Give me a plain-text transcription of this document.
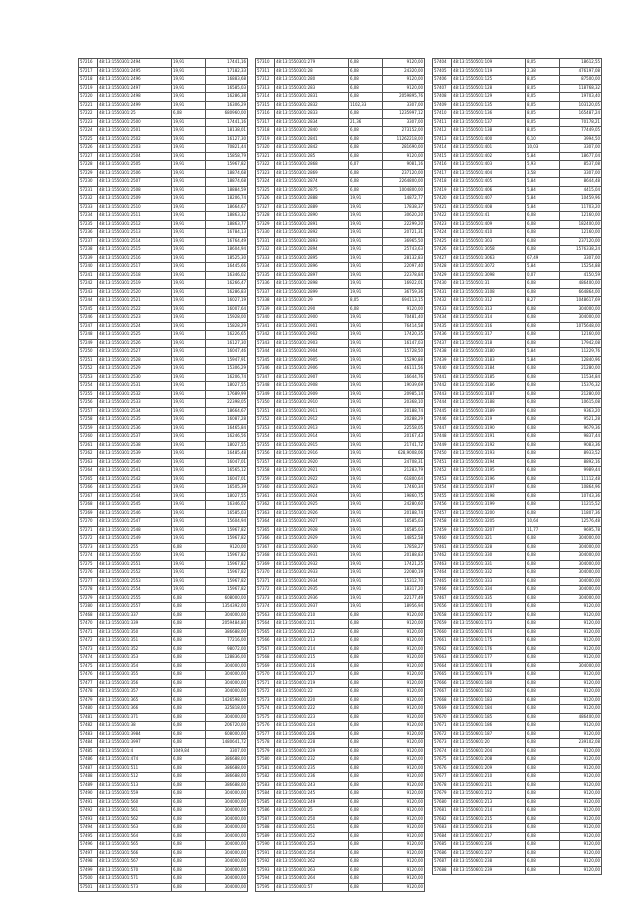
57216	48:13:1550301:2494	19,91	17441,16
57217	48:13:1550301:2495	19,91	17182,33
57218	48:13:1550301:2496	19,91	16883,68
57219	48:13:1550301:2497	19,91	16585,03
57220	48:13:1550301:2498	19,91	16286,38
57221	48:13:1550301:2499	19,91	16306,29
57222	48:13:1550301:25	6,08	680960,00
57223	48:13:1550301:2500	19,91	17441,16
57224	48:13:1550301:2501	19,91	18138,01
57225	48:13:1550301:2502	19,91	16127,30
57226	48:13:1550301:2503	19,91	70821,44
57227	48:13:1550301:2504	19,91	15858,79
57228	48:13:1550301:2505	19,91	15967,82
57229	48:13:1550301:2506	19,91	18874,68
57230	48:13:1550301:2507	19,91	18874,68
57231	48:13:1550301:2508	19,91	18884,59
57232	48:13:1550301:2509	19,91	18206,74
57233	48:13:1550301:2510	19,91	18664,67
57234	48:13:1550301:2511	19,91	18863,32
57235	48:13:1550301:2512	19,91	18863,77
57236	48:13:1550301:2513	19,91	16784,13
57237	48:13:1550301:2514	19,91	16764,49
57238	48:13:1550301:2515	19,91	18604,94
57239	48:13:1550301:2516	19,91	18525,30
57240	48:13:1550301:2517	19,91	16445,66
57241	48:13:1550301:2518	19,91	16346,02
57242	48:13:1550301:2519	19,91	16266,47
57243	48:13:1550301:2520	19,91	16286,83
57244	48:13:1550301:2521	19,91	16027,19
57245	48:13:1550301:2522	19,91	16007,64
57246	48:13:1550301:2523	19,91	15928,00
57247	48:13:1550301:2524	19,91	15828,29
57248	48:13:1550301:2525	19,91	16226,65
57249	48:13:1550301:2526	19,91	16127,30
57250	48:13:1550301:2527	19,91	16047,46
57251	48:13:1550301:2528	19,91	15947,91
57252	48:13:1550301:2529	19,91	15306,29
57253	48:13:1550301:2530	19,91	16206,74
57254	48:13:1550301:2531	19,91	18027,55
57255	48:13:1550301:2532	19,91	17689,99
57256	48:13:1550301:2533	19,91	22398,05
57257	48:13:1550301:2534	19,91	18664,67
57258	48:13:1550301:2535	19,91	16087,28
57259	48:13:1550301:2536	19,91	16465,84
57260	48:13:1550301:2537	19,91	16246,56
57261	48:13:1550301:2538	19,91	18027,55
57262	48:13:1550301:2539	19,91	16485,48
57263	48:13:1550301:2540	19,91	16047,01
57264	48:13:1550301:2541	19,91	16565,12
57265	48:13:1550301:2542	19,91	16047,01
57266	48:13:1550301:2543	19,91	16505,39
57267	48:13:1550301:2544	19,91	18027,55
57268	48:13:1550301:2545	19,91	16346,02
57269	48:13:1550301:2546	19,91	16585,03
57270	48:13:1550301:2547	19,91	15604,94
57271	48:13:1550301:2548	19,91	15967,82
57272	48:13:1550301:2549	19,91	15967,82
57273	48:13:1550301:255	6,08	9120,00
57274	48:13:1550301:2550	19,91	15967,82
57275	48:13:1550301:2551	19,91	15967,82
57276	48:13:1550301:2552	19,91	15967,82
57277	48:13:1550301:2553	19,91	15967,82
57278	48:13:1550301:2554	19,91	15967,82
57279	48:13:1550301:2555	6,08	608000,00
57280	48:13:1550301:2557	6,08	1354392,00
57468	48:13:1550301:337	6,08	304000,00
57470	48:13:1550301:339	6,08	2059484,80
57471	48:13:1550301:350	6,08	386688,00
57472	48:13:1550301:351	6,08	77216,00
57473	48:13:1550301:352	6,08	98072,00
57474	48:13:1550301:353	6,08	128836,00
57475	48:13:1550301:354	6,08	304000,00
57476	48:13:1550301:355	6,08	304000,00
57477	48:13:1550301:356	6,08	304000,00
57478	48:13:1550301:357	6,08	304000,00
57479	48:13:1550301:365	6,08	1426598,00
57480	48:13:1550301:366	6,08	325818,00
57481	48:13:1550301:371	6,08	304000,00
57482	48:13:1550301:38	6,08	206720,00
57483	48:13:1550301:3984	6,08	608000,00
57484	48:13:1550301:3997	6,08	1480641,72
57485	48:13:1550301:4	1049,84	3307,00
57486	48:13:1550301:474	6,08	386688,00
57487	48:13:1550301:511	6,08	386688,00
57488	48:13:1550301:512	6,08	386688,00
57489	48:13:1550301:513	6,08	386688,00
57490	48:13:1550301:559	6,08	304000,00
57491	48:13:1550301:560	6,08	304000,00
57492	48:13:1550301:561	6,08	304000,00
57493	48:13:1550301:562	6,08	304000,00
57494	48:13:1550301:563	6,08	304000,00
57495	48:13:1550301:564	6,08	304000,00
57496	48:13:1550301:565	6,08	304000,00
57497	48:13:1550301:566	6,08	304000,00
57498	48:13:1550301:567	6,08	304000,00
57499	48:13:1550301:570	6,08	304000,00
57500	48:13:1550301:571	6,08	304000,00
57501	48:13:1550301:573	6,08	304000,00
57310	48:13:1550301:279	6,08	9120,00
57311	48:13:1550301:28	6,08	24320,00
57312	48:13:1550301:280	6,08	9120,00
57313	48:13:1550301:283	6,08	9120,00
57314	48:13:1550301:2831	6,08	2059895,76
57315	48:13:1550301:2832	1102,33	3307,00
57316	48:13:1550301:2833	6,08	1235997,12
57317	48:13:1550301:2834	21,36	3307,00
57318	48:13:1550301:2840	6,08	273152,00
57319	48:13:1550301:2841	6,08	11262218,00
57320	48:13:1550301:2842	6,08	281690,00
57321	48:13:1550301:285	6,08	9120,00
57322	48:13:1550301:2868	6,07	9081,16
57323	48:13:1550301:2869	6,08	237120,00
57324	48:13:1550301:2874	6,08	2264800,00
57325	48:13:1550301:2875	6,08	1004800,00
57326	48:13:1550301:2888	19,91	14872,77
57327	48:13:1550301:2889	19,91	17838,37
57328	48:13:1550301:2890	19,91	30620,20
57329	48:13:1550301:2891	19,91	22299,20
57330	48:13:1550301:2892	19,91	20721,31
57331	48:13:1550301:2893	19,91	36965,50
57332	48:13:1550301:2894	19,91	25743,63
57333	48:13:1550301:2895	19,91	28132,83
57334	48:13:1550301:2896	19,91	22097,40
57335	48:13:1550301:2897	19,91	22378,84
57336	48:13:1550301:2898	19,91	16922,01
57337	48:13:1550301:2899	19,91	36759,36
57338	48:13:1550301:29	8,05	694113,15
57339	48:13:1550301:290	6,08	9120,00
57340	48:13:1550301:2900	19,91	70481,40
57341	48:13:1550301:2901	19,91	76414,58
57342	48:13:1550301:2902	19,91	17420,35
57343	48:13:1550301:2903	19,91	16147,03
57344	48:13:1550301:2904	19,91	15728,50
57345	48:13:1550301:2905	19,91	15290,88
57346	48:13:1550301:2906	19,91	46111,56
57347	48:13:1550301:2907	19,91	16644,76
57348	48:13:1550301:2908	19,91	19039,69
57349	48:13:1550301:2909	19,91	20985,14
57350	48:13:1550301:2910	19,91	20368,10
57351	48:13:1550301:2911	19,91	20188,74
57352	48:13:1550301:2912	19,91	20288,29
57353	48:13:1550301:2913	19,91	22558,05
57354	48:13:1550301:2914	19,91	20167,43
57355	48:13:1550301:2915	19,91	21741,72
57356	48:13:1550301:2916	19,91	628,9008,06
57357	48:13:1550301:2920	19,91	24708,31
57358	48:13:1550301:2921	19,91	21283,79
57359	48:13:1550301:2922	19,91	61800,64
57360	48:13:1550301:2923	19,91	17460,34
57361	48:13:1550301:2924	19,91	19860,75
57362	48:13:1550301:2925	19,91	24280,60
57363	48:13:1550301:2926	19,91	20188,74
57364	48:13:1550301:2927	19,91	16585,03
57365	48:13:1550301:2928	19,91	16585,03
57366	48:13:1550301:2929	19,91	14852,58
57367	48:13:1550301:2930	19,91	17858,27
57368	48:13:1550301:2931	19,91	20188,83
57369	48:13:1550301:2932	19,91	17421,25
57370	48:13:1550301:2933	19,91	22080,19
57371	48:13:1550301:2934	19,91	15312,70
57372	48:13:1550301:2935	19,91	18317,20
57373	48:13:1550301:2936	19,91	22177,49
57374	48:13:1550301:2937	19,91	18956,94
57563	48:13:1550401:210	6,08	9120,00
57564	48:13:1550401:211	6,08	9120,00
57565	48:13:1550401:212	6,08	9120,00
57566	48:13:1550401:213	6,08	9120,00
57567	48:13:1550401:214	6,08	9120,00
57568	48:13:1550401:215	6,08	9120,00
57569	48:13:1550401:216	6,08	9120,00
57570	48:13:1550401:217	6,08	9120,00
57571	48:13:1550401:219	6,08	9120,00
57572	48:13:1550401:22	6,08	9120,00
57573	48:13:1550401:220	6,08	9120,00
57574	48:13:1550401:222	6,08	9120,00
57575	48:13:1550401:223	6,08	9120,00
57576	48:13:1550401:224	6,08	9120,00
57577	48:13:1550401:226	6,08	9120,00
57578	48:13:1550401:228	6,08	9120,00
57579	48:13:1550401:229	6,08	9120,00
57580	48:13:1550401:232	6,08	9120,00
57581	48:13:1550401:235	6,08	9120,00
57582	48:13:1550401:236	6,08	9120,00
57583	48:13:1550401:243	6,08	9120,00
57584	48:13:1550401:245	6,08	9120,00
57585	48:13:1550401:249	6,08	9120,00
57586	48:13:1550401:25	6,08	9120,00
57587	48:13:1550401:250	6,08	9120,00
57588	48:13:1550401:251	6,08	9120,00
57589	48:13:1550401:252	6,08	9120,00
57590	48:13:1550401:253	6,08	9120,00
57591	48:13:1550401:254	6,08	9120,00
57592	48:13:1550401:262	6,08	9120,00
57593	48:13:1550401:263	6,08	9120,00
57594	48:13:1550401:264	6,08	9120,00
57595	48:13:1550401:57	6,08	9120,00
57404	48:13:1550501:109	8,05	18612,55
57405	48:13:1550501:119	2,38	476197,08
57406	48:13:1550501:125	8,05	87500,00
57407	48:13:1550501:128	8,05	118768,32
57408	48:13:1550501:129	8,05	19703,40
57409	48:13:1550501:135	8,05	103120,05
57410	48:13:1550501:136	8,05	165487,24
57411	48:13:1550501:137	8,05	70178,21
57412	48:13:1550501:138	8,05	77449,05
57413	48:13:1550501:400	6,10	3994,50
57414	48:13:1550501:401	10,03	3307,00
57415	48:13:1550501:402	5,84	18677,04
57416	48:13:1550501:403	5,93	8537,08
57417	48:13:1550501:404	3,58	3307,00
57418	48:13:1550501:405	5,84	8644,48
57419	48:13:1550501:406	5,84	4415,04
57420	48:13:1550501:407	5,84	10459,96
57421	48:13:1550501:408	5,84	11703,20
57422	48:13:1550501:41	6,08	12160,00
57423	48:13:1550501:409	6,08	182400,00
57424	48:13:1550501:410	6,08	12160,00
57425	48:13:1550501:303	6,08	237120,00
57426	48:13:1550501:3058	6,08	1576338,24
57427	48:13:1550501:3063	67,49	3307,00
57428	48:13:1550501:3072	5,84	15254,88
57429	48:13:1550501:3098	0,07	4150,59
57430	48:13:1550501:31	6,08	486400,00
57431	48:13:1550501:3108	6,08	664864,00
57432	48:13:1550501:312	8,27	1048617,69
57433	48:13:1550501:313	6,08	304000,00
57434	48:13:1550501:314	6,08	304000,00
57435	48:13:1550501:316	6,08	1075648,00
57436	48:13:1550501:317	6,08	12160,00
57437	48:13:1550501:318	6,08	17942,08
57438	48:13:1550501:3180	5,84	11229,76
57439	48:13:1550501:3183	5,84	12840,96
57440	48:13:1550501:3184	6,08	21280,00
57441	48:13:1550501:3185	6,08	11534,84
57442	48:13:1550501:3186	6,08	15376,32
57443	48:13:1550501:3187	6,08	21280,00
57444	48:13:1550501:3188	6,08	10615,08
57445	48:13:1550501:3189	6,08	9363,20
57446	48:13:1550501:319	6,08	9521,28
57447	48:13:1550501:3190	6,08	9679,36
57448	48:13:1550501:3191	6,08	9837,44
57449	48:13:1550501:3192	6,08	9083,36
57450	48:13:1550501:3193	6,08	8933,52
57451	48:13:1550501:3194	6,08	8892,16
57452	48:13:1550501:3195	6,08	9989,44
57453	48:13:1550501:3196	6,08	11112,48
57454	48:13:1550501:3197	6,08	10864,96
57455	48:13:1550501:3198	6,08	10743,36
57456	48:13:1550501:3199	6,08	11215,52
57457	48:13:1550501:3200	6,08	11807,36
57458	48:13:1550501:3205	10,64	12576,48
57459	48:13:1550501:3207	11,77	9695,78
57460	48:13:1550501:321	6,08	304000,00
57461	48:13:1550501:328	6,08	304000,00
57462	48:13:1550501:330	6,08	304000,00
57463	48:13:1550501:331	6,08	304000,00
57464	48:13:1550501:332	6,08	304000,00
57465	48:13:1550501:333	6,08	304000,00
57466	48:13:1550501:334	6,08	304000,00
57467	48:13:1550501:335	6,08	304000,00
57656	48:13:1550601:170	6,08	9120,00
57658	48:13:1550601:172	6,08	9120,00
57659	48:13:1550601:173	6,08	9120,00
57660	48:13:1550601:174	6,08	9120,00
57661	48:13:1550601:175	6,08	9120,00
57662	48:13:1550601:176	6,08	9120,00
57663	48:13:1550601:177	6,08	9120,00
57664	48:13:1550601:178	6,08	304000,00
57665	48:13:1550601:179	6,08	9120,00
57666	48:13:1550601:180	6,08	9120,00
57667	48:13:1550601:182	6,08	9120,00
57668	48:13:1550601:183	6,08	9120,00
57669	48:13:1550601:184	6,08	9120,00
57670	48:13:1550601:185	6,08	486400,00
57671	48:13:1550601:186	6,08	9120,00
57672	48:13:1550601:187	6,08	9120,00
57673	48:13:1550601:20	6,08	239102,08
57674	48:13:1550601:204	6,08	9120,00
57675	48:13:1550601:208	6,08	9120,00
57676	48:13:1550601:209	6,08	9120,00
57677	48:13:1550601:210	6,08	9120,00
57678	48:13:1550601:211	6,08	9120,00
57679	48:13:1550601:212	6,08	9120,00
57680	48:13:1550601:213	6,08	9120,00
57681	48:13:1550601:214	6,08	9120,00
57682	48:13:1550601:215	6,08	9120,00
57683	48:13:1550601:216	6,08	9120,00
57684	48:13:1550601:217	6,08	9120,00
57685	48:13:1550601:236	6,08	9120,00
57686	48:13:1550601:237	6,08	9120,00
57687	48:13:1550601:238	6,08	9120,00
57688	48:13:1550601:239	6,08	9120,00
